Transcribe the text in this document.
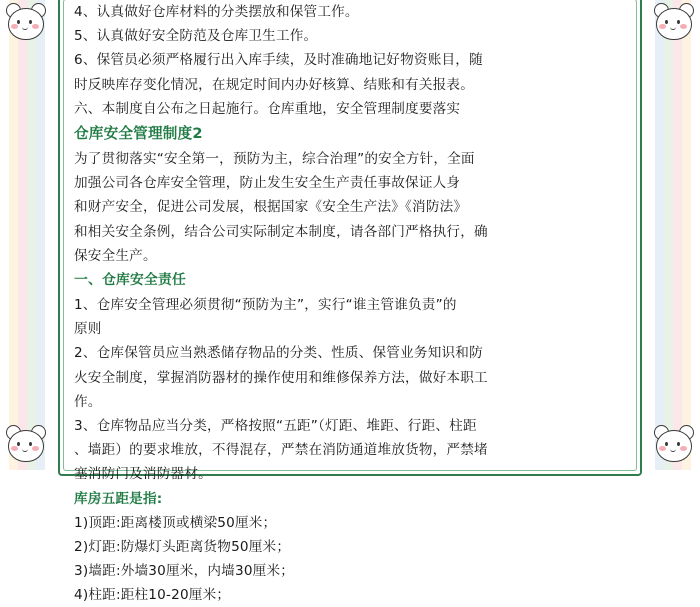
4、认真做好仓库材料的分类摆放和保管工作。

5、认真做好安全防范及仓库卫生工作。

6、保管员必须严格履行出入库手续，及时准确地记好物资账目，随

时反映库存变化情况，在规定时间内办好核算、结账和有关报表。

六、本制度自公布之日起施行。仓库重地，安全管理制度要落实

仓库安全管理制度2

为了贯彻落实“安全第一，预防为主，综合治理”的安全方针，全面

加强公司各仓库安全管理，防止发生安全生产责任事故保证人身

和财产安全，促进公司发展，根据国家《安全生产法》《消防法》

和相关安全条例，结合公司实际制定本制度，请各部门严格执行，确

保安全生产。

一、仓库安全责任

1、仓库安全管理必须贯彻“预防为主”，实行“谁主管谁负责”的

原则

2、仓库保管员应当熟悉储存物品的分类、性质、保管业务知识和防

火安全制度，掌握消防器材的操作使用和维修保养方法，做好本职工

作。

3、仓库物品应当分类，严格按照“五距”（灯距、堆距、行距、柱距

、墙距）的要求堆放，不得混存，严禁在消防通道堆放货物，严禁堵

塞消防门及消防器材。

库房五距是指:

1)顶距:距离楼顶或横梁50厘米；

2)灯距:防爆灯头距离货物50厘米；

3)墙距:外墙30厘米，内墙30厘米；

4)柱距:距柱10-20厘米；
